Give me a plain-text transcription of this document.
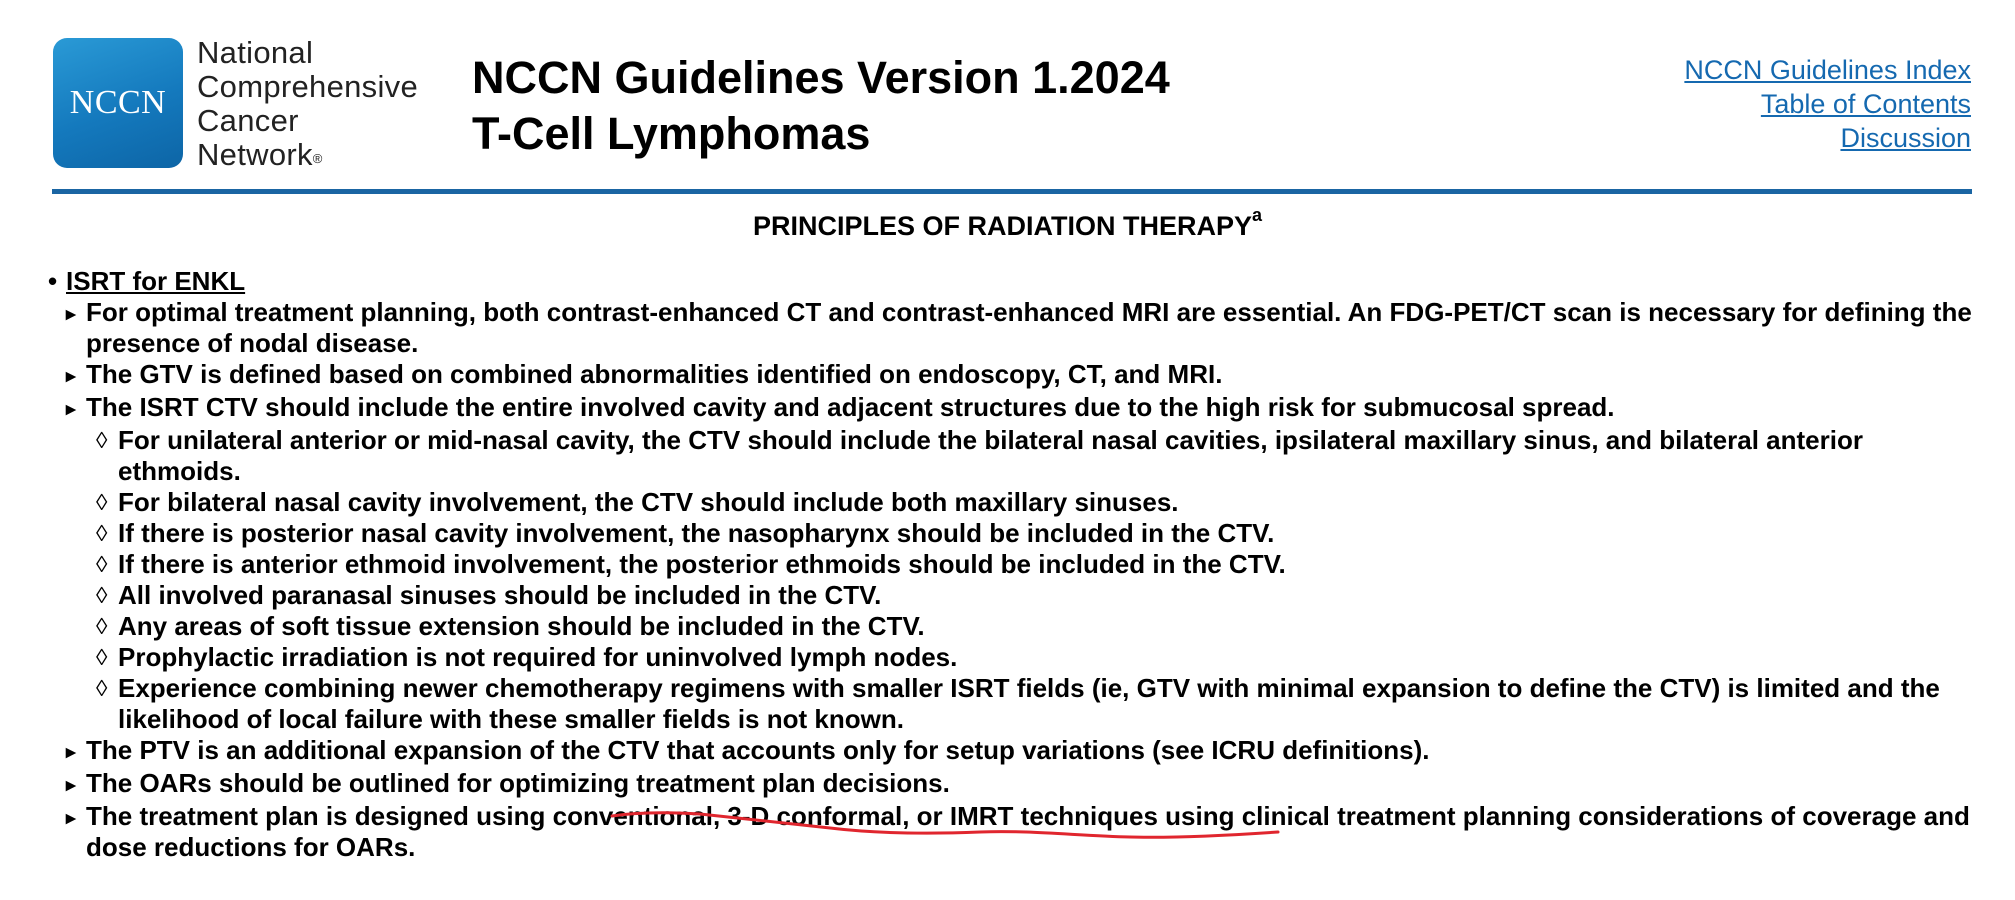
NCCN
National
Comprehensive
Cancer
Network®
NCCN Guidelines Version 1.2024
T-Cell Lymphomas
NCCN Guidelines Index
Table of Contents
Discussion
PRINCIPLES OF RADIATION THERAPY$^a$
• ISRT for ENKL
▸ For optimal treatment planning, both contrast-enhanced CT and contrast-enhanced MRI are essential. An FDG-PET/CT scan is necessary for defining the presence of nodal disease.
▸ The GTV is defined based on combined abnormalities identified on endoscopy, CT, and MRI.
▸ The ISRT CTV should include the entire involved cavity and adjacent structures due to the high risk for submucosal spread.
◊ For unilateral anterior or mid-nasal cavity, the CTV should include the bilateral nasal cavities, ipsilateral maxillary sinus, and bilateral anterior ethmoids.
◊ For bilateral nasal cavity involvement, the CTV should include both maxillary sinuses.
◊ If there is posterior nasal cavity involvement, the nasopharynx should be included in the CTV.
◊ If there is anterior ethmoid involvement, the posterior ethmoids should be included in the CTV.
◊ All involved paranasal sinuses should be included in the CTV.
◊ Any areas of soft tissue extension should be included in the CTV.
◊ Prophylactic irradiation is not required for uninvolved lymph nodes.
◊ Experience combining newer chemotherapy regimens with smaller ISRT fields (ie, GTV with minimal expansion to define the CTV) is limited and the likelihood of local failure with these smaller fields is not known.
▸ The PTV is an additional expansion of the CTV that accounts only for setup variations (see ICRU definitions).
▸ The OARs should be outlined for optimizing treatment plan decisions.
▸ The treatment plan is designed using conventional, 3-D conformal, or IMRT techniques using clinical treatment planning considerations of coverage and dose reductions for OARs.
